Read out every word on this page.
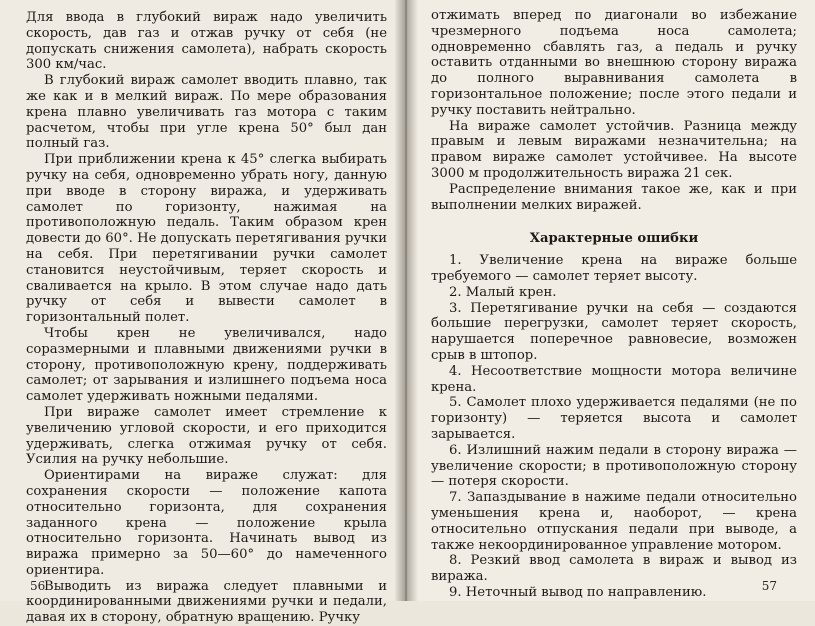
Для ввода в глубокий вираж надо увеличить скорость, дав газ и отжав ручку от себя (не допускать снижения самолета), набрать скорость 300 км/час.

В глубокий вираж самолет вводить плавно, так же как и в мелкий вираж. По мере образования крена плавно увеличивать газ мотора с таким расчетом, чтобы при угле крена 50° был дан полный газ.

При приближении крена к 45° слегка выбирать ручку на себя, одновременно убрать ногу, данную при вводе в сторону виража, и удерживать самолет по горизонту, нажимая на противоположную педаль. Таким образом крен довести до 60°. Не допускать перетягивания ручки на себя. При перетягивании ручки самолет становится неустойчивым, теряет скорость и сваливается на крыло. В этом случае надо дать ручку от себя и вывести самолет в горизонтальный полет.

Чтобы крен не увеличивался, надо соразмерными и плавными движениями ручки в сторону, противоположную крену, поддерживать самолет; от зарывания и излишнего подъема носа самолет удерживать ножными педалями.

При вираже самолет имеет стремление к увеличению угловой скорости, и его приходится удерживать, слегка отжимая ручку от себя. Усилия на ручку небольшие.

Ориентирами на вираже служат: для сохранения скорости — положение капота относительно горизонта, для сохранения заданного крена — положение крыла относительно горизонта. Начинать вывод из виража примерно за 50—60° до намеченного ориентира.

Выводить из виража следует плавными и координированными движениями ручки и педали, давая их в сторону, обратную вращению. Ручку

56

отжимать вперед по диагонали во избежание чрезмерного подъема носа самолета; одновременно сбавлять газ, а педаль и ручку оставить отданными во внешнюю сторону виража до полного выравнивания самолета в горизонтальное положение; после этого педали и ручку поставить нейтрально.

На вираже самолет устойчив. Разница между правым и левым виражами незначительна; на правом вираже самолет устойчивее. На высоте 3000 м продолжительность виража 21 сек.

Распределение внимания такое же, как и при выполнении мелких виражей.

Характерные ошибки

1. Увеличение крена на вираже больше требуемого — самолет теряет высоту.

2. Малый крен.

3. Перетягивание ручки на себя — создаются большие перегрузки, самолет теряет скорость, нарушается поперечное равновесие, возможен срыв в штопор.

4. Несоответствие мощности мотора величине крена.

5. Самолет плохо удерживается педалями (не по горизонту) — теряется высота и самолет зарывается.

6. Излишний нажим педали в сторону виража — увеличение скорости; в противоположную сторону — потеря скорости.

7. Запаздывание в нажиме педали относительно уменьшения крена и, наоборот, — крена относительно отпускания педали при выводе, а также некоординированное управление мотором.

8. Резкий ввод самолета в вираж и вывод из виража.

9. Неточный вывод по направлению.	57
